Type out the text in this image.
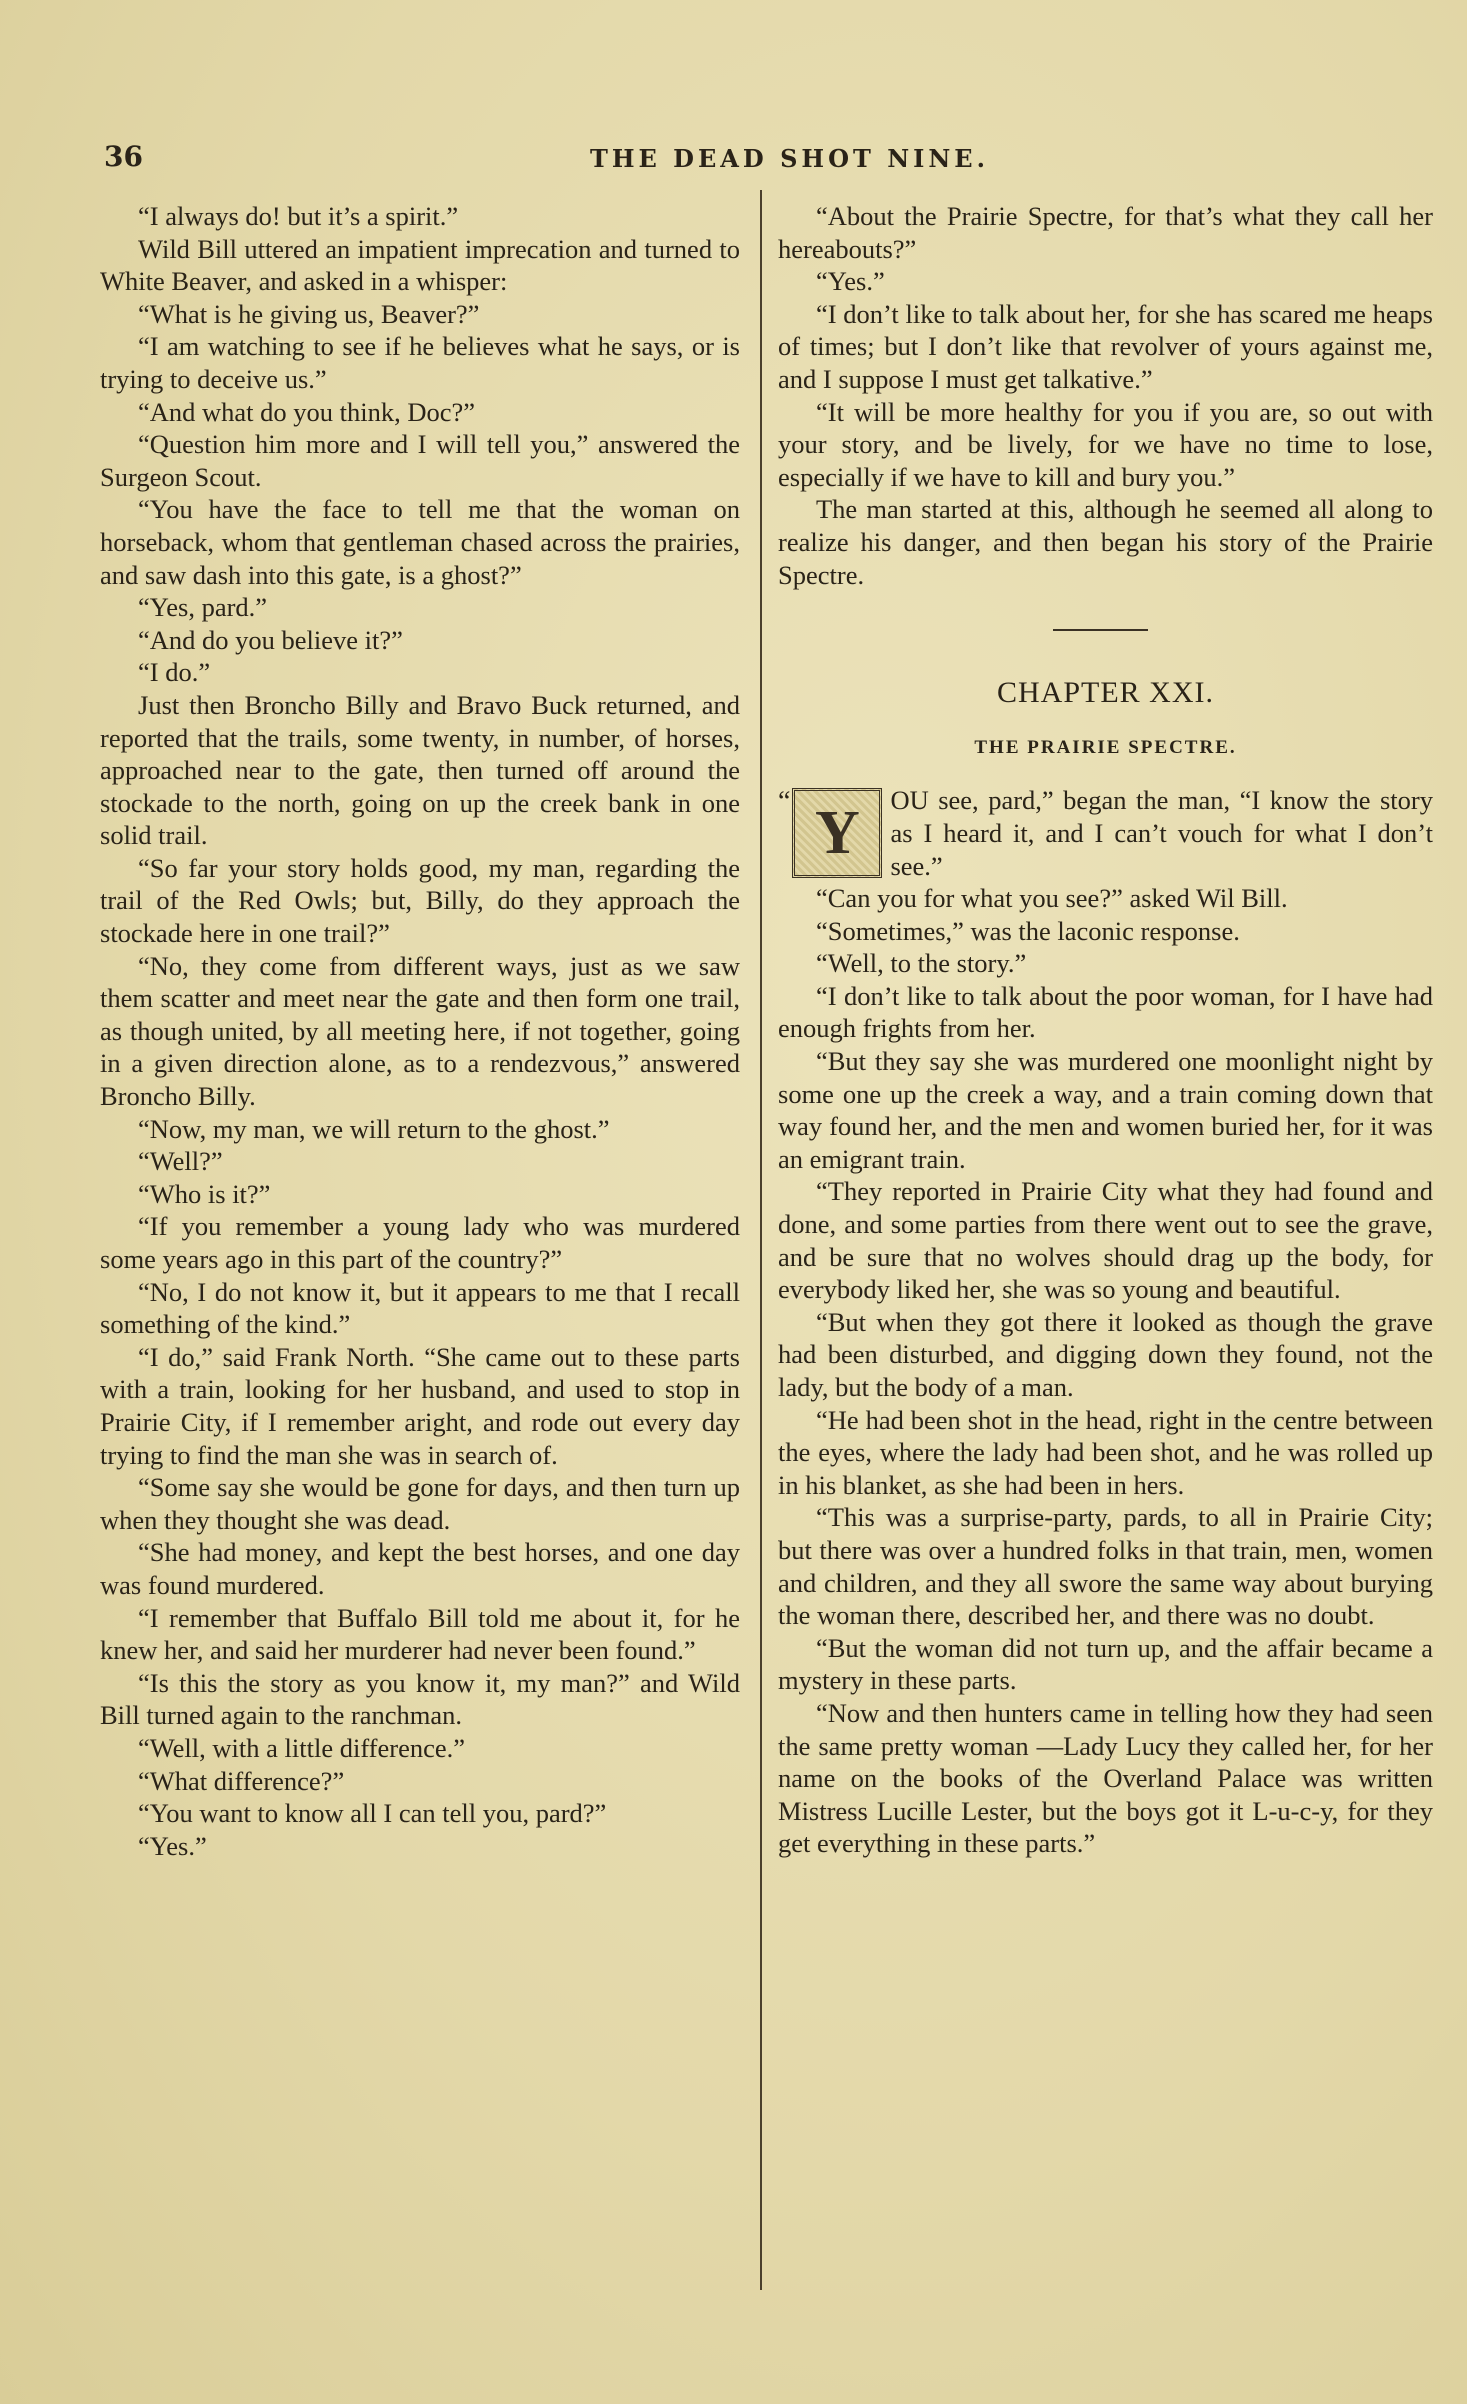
36	THE DEAD SHOT NINE.

“I always do! but it’s a spirit.”

Wild Bill uttered an impatient imprecation and turned to White Beaver, and asked in a whisper:

“What is he giving us, Beaver?”

“I am watching to see if he believes what he says, or is trying to deceive us.”

“And what do you think, Doc?”

“Question him more and I will tell you,” answered the Surgeon Scout.

“You have the face to tell me that the woman on horseback, whom that gentleman chased across the prairies, and saw dash into this gate, is a ghost?”

“Yes, pard.”

“And do you believe it?”

“I do.”

Just then Broncho Billy and Bravo Buck returned, and reported that the trails, some twenty, in number, of horses, approached near to the gate, then turned off around the stockade to the north, going on up the creek bank in one solid trail.

“So far your story holds good, my man, regarding the trail of the Red Owls; but, Billy, do they approach the stockade here in one trail?”

“No, they come from different ways, just as we saw them scatter and meet near the gate and then form one trail, as though united, by all meeting here, if not together, going in a given direction alone, as to a rendezvous,” answered Broncho Billy.

“Now, my man, we will return to the ghost.”

“Well?”

“Who is it?”

“If you remember a young lady who was murdered some years ago in this part of the country?”

“No, I do not know it, but it appears to me that I recall something of the kind.”

“I do,” said Frank North. “She came out to these parts with a train, looking for her husband, and used to stop in Prairie City, if I remember aright, and rode out every day trying to find the man she was in search of.

“Some say she would be gone for days, and then turn up when they thought she was dead.

“She had money, and kept the best horses, and one day was found murdered.

“I remember that Buffalo Bill told me about it, for he knew her, and said her murderer had never been found.”

“Is this the story as you know it, my man?” and Wild Bill turned again to the ranchman.

“Well, with a little difference.”

“What difference?”

“You want to know all I can tell you, pard?”

“Yes.”

“About the Prairie Spectre, for that’s what they call her hereabouts?”

“Yes.”

“I don’t like to talk about her, for she has scared me heaps of times; but I don’t like that revolver of yours against me, and I suppose I must get talkative.”

“It will be more healthy for you if you are, so out with your story, and be lively, for we have no time to lose, especially if we have to kill and bury you.”

The man started at this, although he seemed all along to realize his danger, and then began his story of the Prairie Spectre.

CHAPTER XXI.
THE PRAIRIE SPECTRE.
“ Y	OU see, pard,” began the man, “I know the story as I heard it, and I can’t vouch for what I don’t see.”

“Can you for what you see?” asked Wil Bill.

“Sometimes,” was the laconic response.

“Well, to the story.”

“I don’t like to talk about the poor woman, for I have had enough frights from her.

“But they say she was murdered one moonlight night by some one up the creek a way, and a train coming down that way found her, and the men and women buried her, for it was an emigrant train.

“They reported in Prairie City what they had found and done, and some parties from there went out to see the grave, and be sure that no wolves should drag up the body, for everybody liked her, she was so young and beautiful.

“But when they got there it looked as though the grave had been disturbed, and digging down they found, not the lady, but the body of a man.

“He had been shot in the head, right in the centre between the eyes, where the lady had been shot, and he was rolled up in his blanket, as she had been in hers.

“This was a surprise-party, pards, to all in Prairie City; but there was over a hundred folks in that train, men, women and children, and they all swore the same way about burying the woman there, described her, and there was no doubt.

“But the woman did not turn up, and the affair became a mystery in these parts.

“Now and then hunters came in telling how they had seen the same pretty woman —Lady Lucy they called her, for her name on the books of the Overland Palace was written Mistress Lucille Lester, but the boys got it L-u-c-y, for they get everything in these parts.”
